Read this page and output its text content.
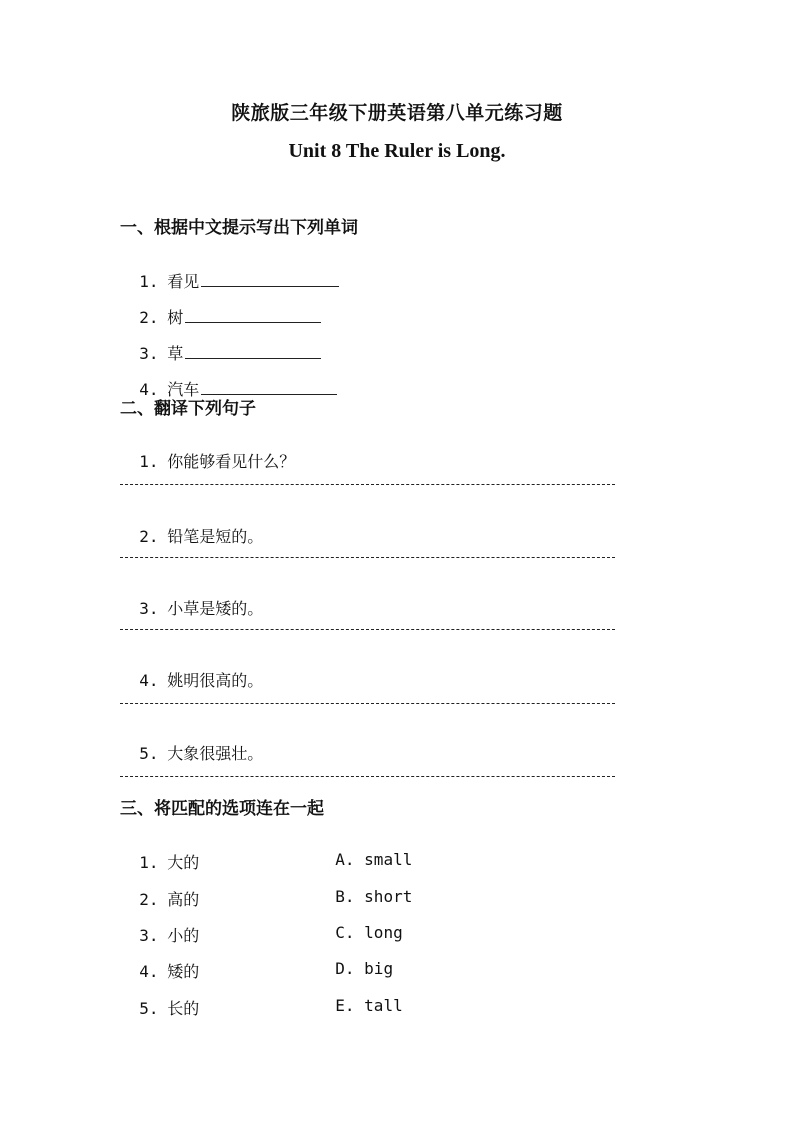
陕旅版三年级下册英语第八单元练习题
Unit 8 The Ruler is Long.
一、根据中文提示写出下列单词

1. 看见

2. 树

3. 草

4. 汽车

二、翻译下列句子

1. 你能够看见什么？

2. 铅笔是短的。

3. 小草是矮的。

4. 姚明很高的。

5. 大象很强壮。

三、将匹配的选项连在一起

1. 大的	A. small

2. 高的	B. short

3. 小的	C. long

4. 矮的	D. big

5. 长的	E. tall
